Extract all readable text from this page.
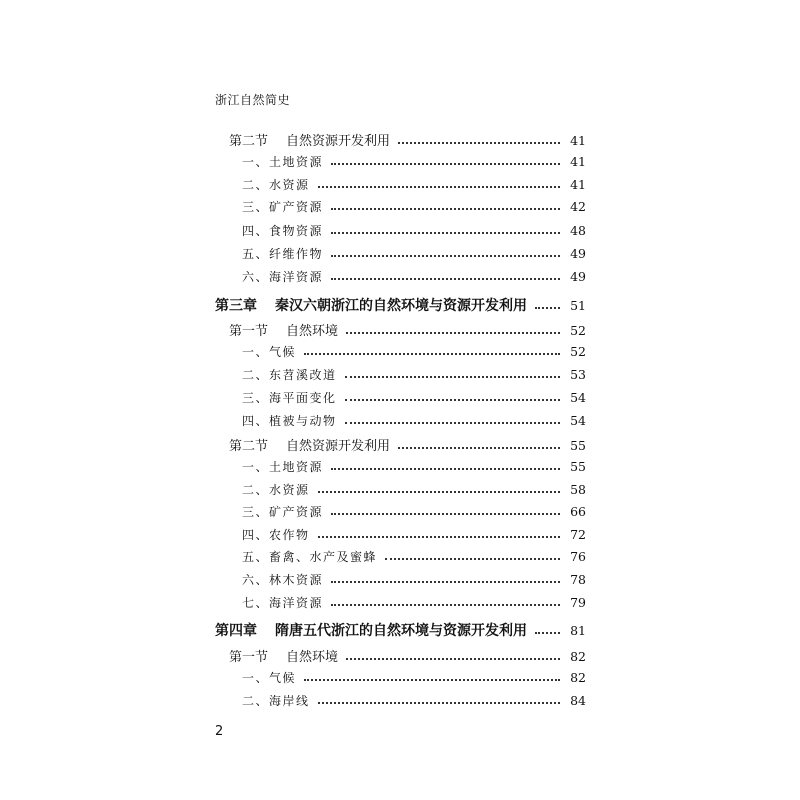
浙江自然简史
第二节 自然资源开发利用	41
一、土地资源	41
二、水资源	41
三、矿产资源	42
四、食物资源	48
五、纤维作物	49
六、海洋资源	49
第三章 秦汉六朝浙江的自然环境与资源开发利用	51
第一节 自然环境	52
一、气候	52
二、东苕溪改道	53
三、海平面变化	54
四、植被与动物	54
第二节 自然资源开发利用	55
一、土地资源	55
二、水资源	58
三、矿产资源	66
四、农作物	72
五、畜禽、水产及蜜蜂	76
六、林木资源	78
七、海洋资源	79
第四章 隋唐五代浙江的自然环境与资源开发利用	81
第一节 自然环境	82
一、气候	82
二、海岸线	84
2
